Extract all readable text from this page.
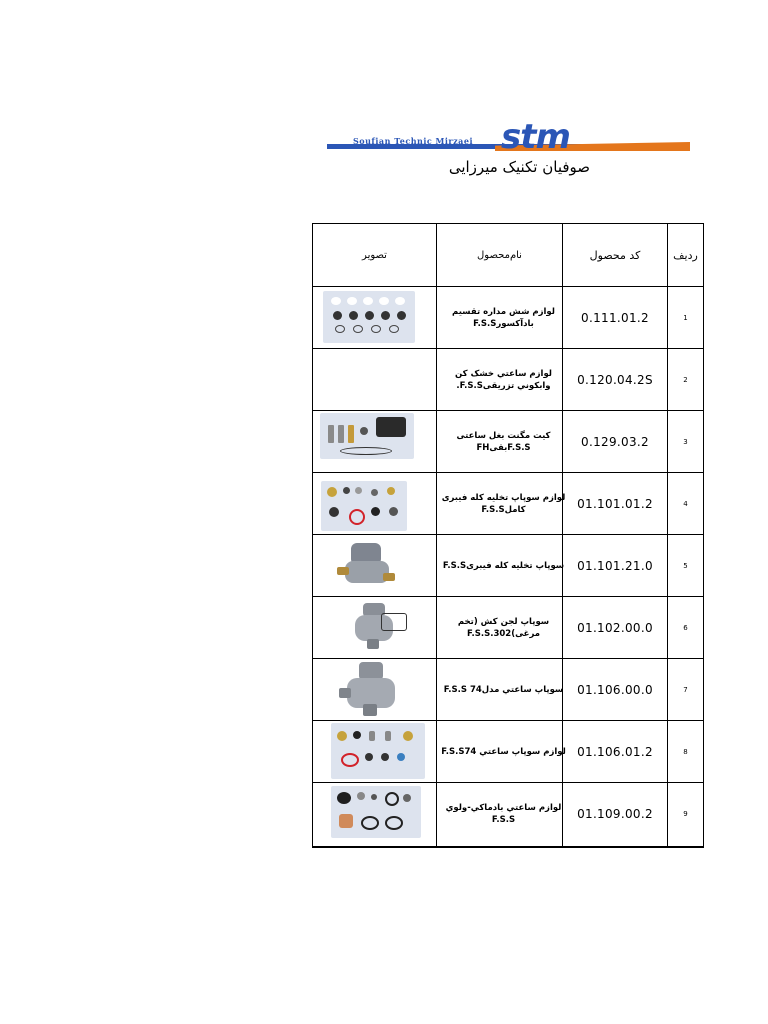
Soufian Technic Mirzaei stm
صوفیان تکنیک میرزایی
تصویر	نام‌محصول	کد محصول	ردیف
لوازم شش مداره تقسیم بادآکسورF.S.S	0.111.01.2	1
لوازم ساعتي خشک کن وابکوني تزریقیF.S.S.	0.120.04.2S	2
کیت مگنت بغل ساعتی F.S.SبقیFH	0.129.03.2	3
لوازم سوپاپ تخلیه کله فیبری کاملF.S.S	01.101.01.2	4
سوپاپ تخلیه کله فیبریF.S.S	01.101.21.0	5
سوپاپ لجن کش (تخم مرغی)F.S.S.302	01.102.00.0	6
سوپاپ ساعتي مدل74 F.S.S	01.106.00.0	7
لوازم سوپاپ ساعتي F.S.S74 01.106.01.2	8
لوازم ساعتي بادماكي-ولوي F.S.S	01.109.00.2	9
